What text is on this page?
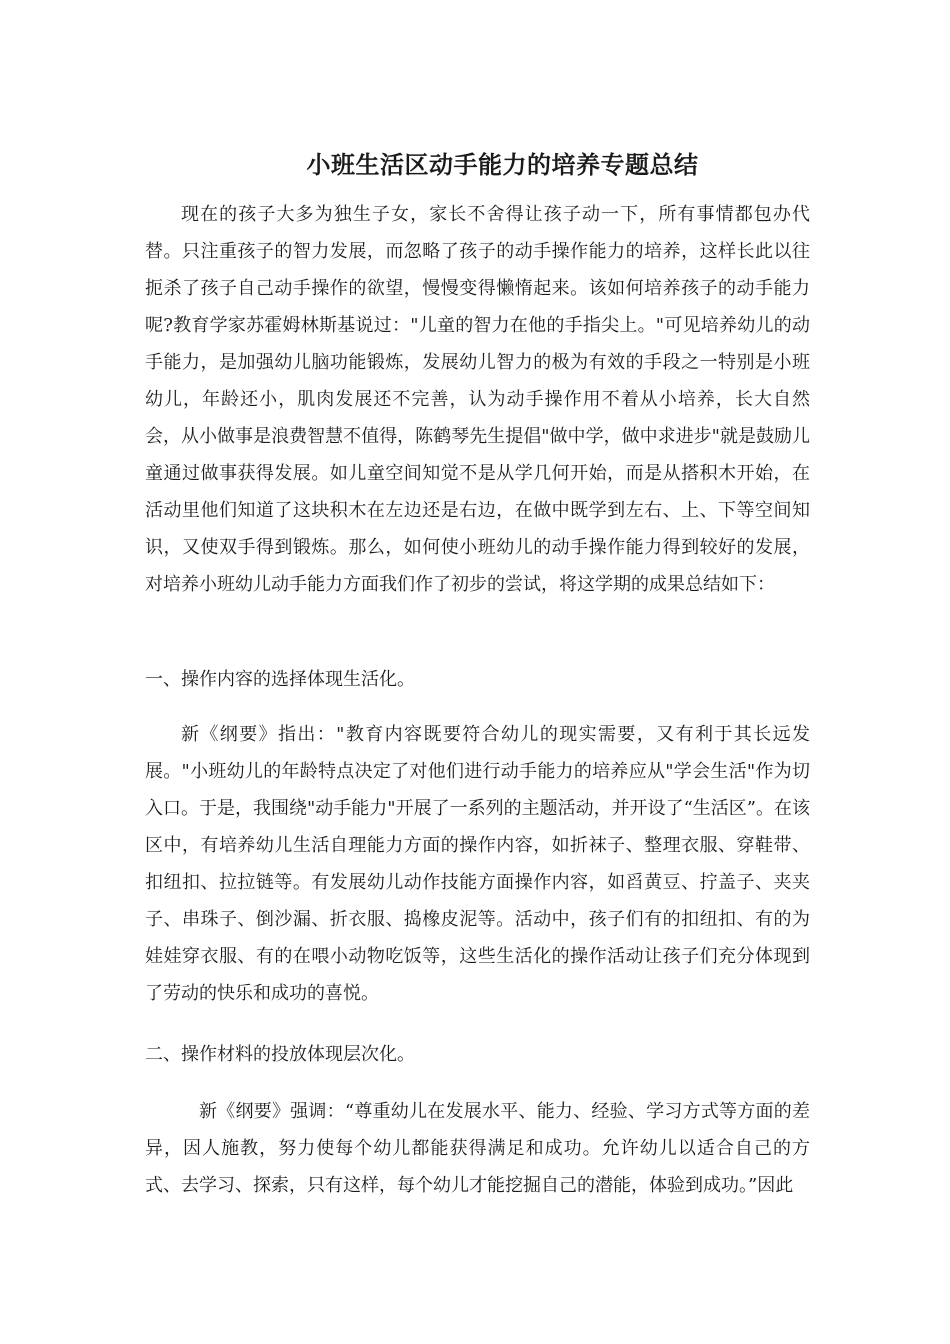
小班生活区动手能力的培养专题总结

现在的孩子大多为独生子女，家长不舍得让孩子动一下，所有事情都包办代替。只注重孩子的智力发展，而忽略了孩子的动手操作能力的培养，这样长此以往扼杀了孩子自己动手操作的欲望，慢慢变得懒惰起来。该如何培养孩子的动手能力呢?教育学家苏霍姆林斯基说过："儿童的智力在他的手指尖上。"可见培养幼儿的动手能力，是加强幼儿脑功能锻炼，发展幼儿智力的极为有效的手段之一特别是小班幼儿，年龄还小，肌肉发展还不完善，认为动手操作用不着从小培养，长大自然会，从小做事是浪费智慧不值得，陈鹤琴先生提倡"做中学，做中求进步"就是鼓励儿童通过做事获得发展。如儿童空间知觉不是从学几何开始，而是从搭积木开始，在活动里他们知道了这块积木在左边还是右边，在做中既学到左右、上、下等空间知识，又使双手得到锻炼。那么，如何使小班幼儿的动手操作能力得到较好的发展，对培养小班幼儿动手能力方面我们作了初步的尝试，将这学期的成果总结如下：

一、操作内容的选择体现生活化。

新《纲要》指出："教育内容既要符合幼儿的现实需要，又有利于其长远发展。"小班幼儿的年龄特点决定了对他们进行动手能力的培养应从"学会生活"作为切入口。于是，我围绕"动手能力"开展了一系列的主题活动，并开设了“生活区”。在该区中，有培养幼儿生活自理能力方面的操作内容，如折袜子、整理衣服、穿鞋带、扣纽扣、拉拉链等。有发展幼儿动作技能方面操作内容，如舀黄豆、拧盖子、夹夹子、串珠子、倒沙漏、折衣服、捣橡皮泥等。活动中，孩子们有的扣纽扣、有的为娃娃穿衣服、有的在喂小动物吃饭等，这些生活化的操作活动让孩子们充分体现到了劳动的快乐和成功的喜悦。

二、操作材料的投放体现层次化。

新《纲要》强调：“尊重幼儿在发展水平、能力、经验、学习方式等方面的差异，因人施教，努力使每个幼儿都能获得满足和成功。允许幼儿以适合自己的方式、去学习、探索，只有这样，每个幼儿才能挖掘自己的潜能，体验到成功。”因此
